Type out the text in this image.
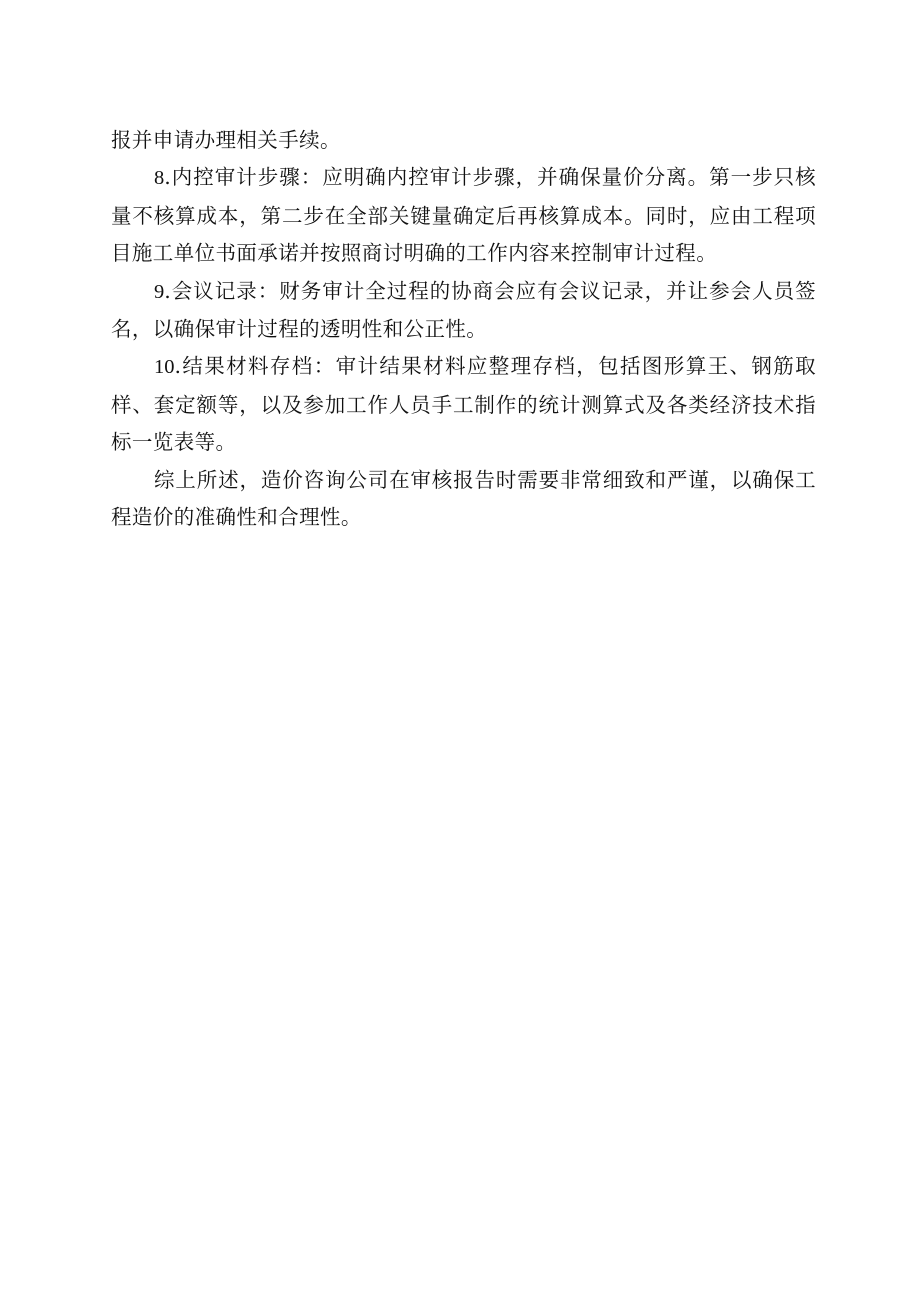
报并申请办理相关手续。

8.内控审计步骤：应明确内控审计步骤，并确保量价分离。第一步只核量不核算成本，第二步在全部关键量确定后再核算成本。同时，应由工程项目施工单位书面承诺并按照商讨明确的工作内容来控制审计过程。

9.会议记录：财务审计全过程的协商会应有会议记录，并让参会人员签名，以确保审计过程的透明性和公正性。

10.结果材料存档：审计结果材料应整理存档，包括图形算王、钢筋取样、套定额等，以及参加工作人员手工制作的统计测算式及各类经济技术指标一览表等。

综上所述，造价咨询公司在审核报告时需要非常细致和严谨，以确保工程造价的准确性和合理性。
